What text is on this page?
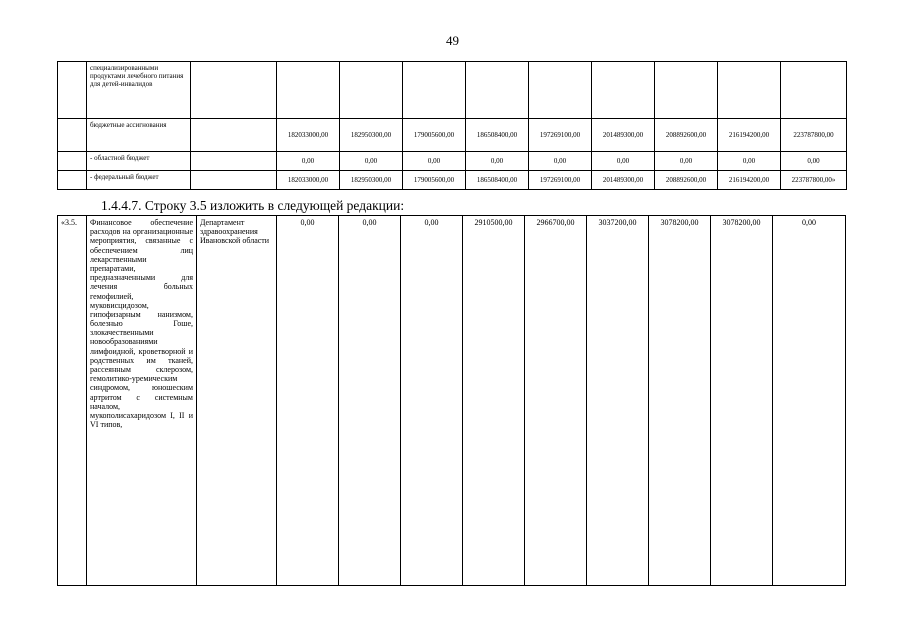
49
	специализированными продуктами лечебного питания для детей-инвалидов										
	бюджетные ассигнования		182033000,00	182950300,00	179005600,00	186508400,00	197269100,00	201489300,00	208892600,00	216194200,00	223787800,00
	- областной бюджет		0,00	0,00	0,00	0,00	0,00	0,00	0,00	0,00	0,00
	- федеральный бюджет		182033000,00	182950300,00	179005600,00	186508400,00	197269100,00	201489300,00	208892600,00	216194200,00	223787800,00»
1.4.4.7. Строку 3.5 изложить в следующей редакции:
«3.5.	Финансовое обеспечение расходов на организационные мероприятия, связанные с обеспечением лиц лекарственными препаратами, предназначенными для лечения больных гемофилией, муковисцидозом, гипофизарным нанизмом, болезнью Гоше, злокачественными новообразованиями лимфоидной, кроветворной и родственных им тканей, рассеянным склерозом, гемолитико-уремическим синдромом, юношеским артритом с системным началом, мукополисахаридозом I, II и VI типов,	Департамент здравоохранения Ивановской области	0,00	0,00	0,00	2910500,00	2966700,00	3037200,00	3078200,00	3078200,00	0,00
